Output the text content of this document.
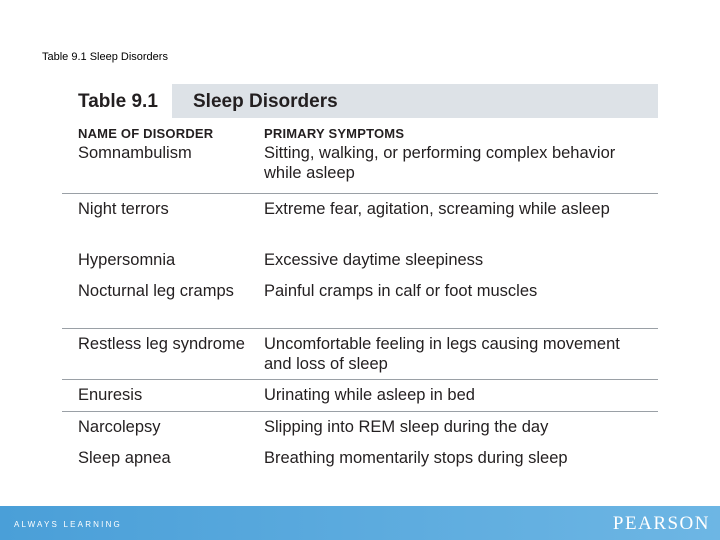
Table 9.1 Sleep Disorders
Table 9.1 Sleep Disorders
NAME OF DISORDER	PRIMARY SYMPTOMS
Somnambulism	Sitting, walking, or performing complex behavior while asleep
Night terrors	Extreme fear, agitation, screaming while asleep
Hypersomnia	Excessive daytime sleepiness
Nocturnal leg cramps	Painful cramps in calf or foot muscles
Restless leg syndrome	Uncomfortable feeling in legs causing movement and loss of sleep
Enuresis	Urinating while asleep in bed
Narcolepsy	Slipping into REM sleep during the day
Sleep apnea	Breathing momentarily stops during sleep
ALWAYS LEARNING	PEARSON
